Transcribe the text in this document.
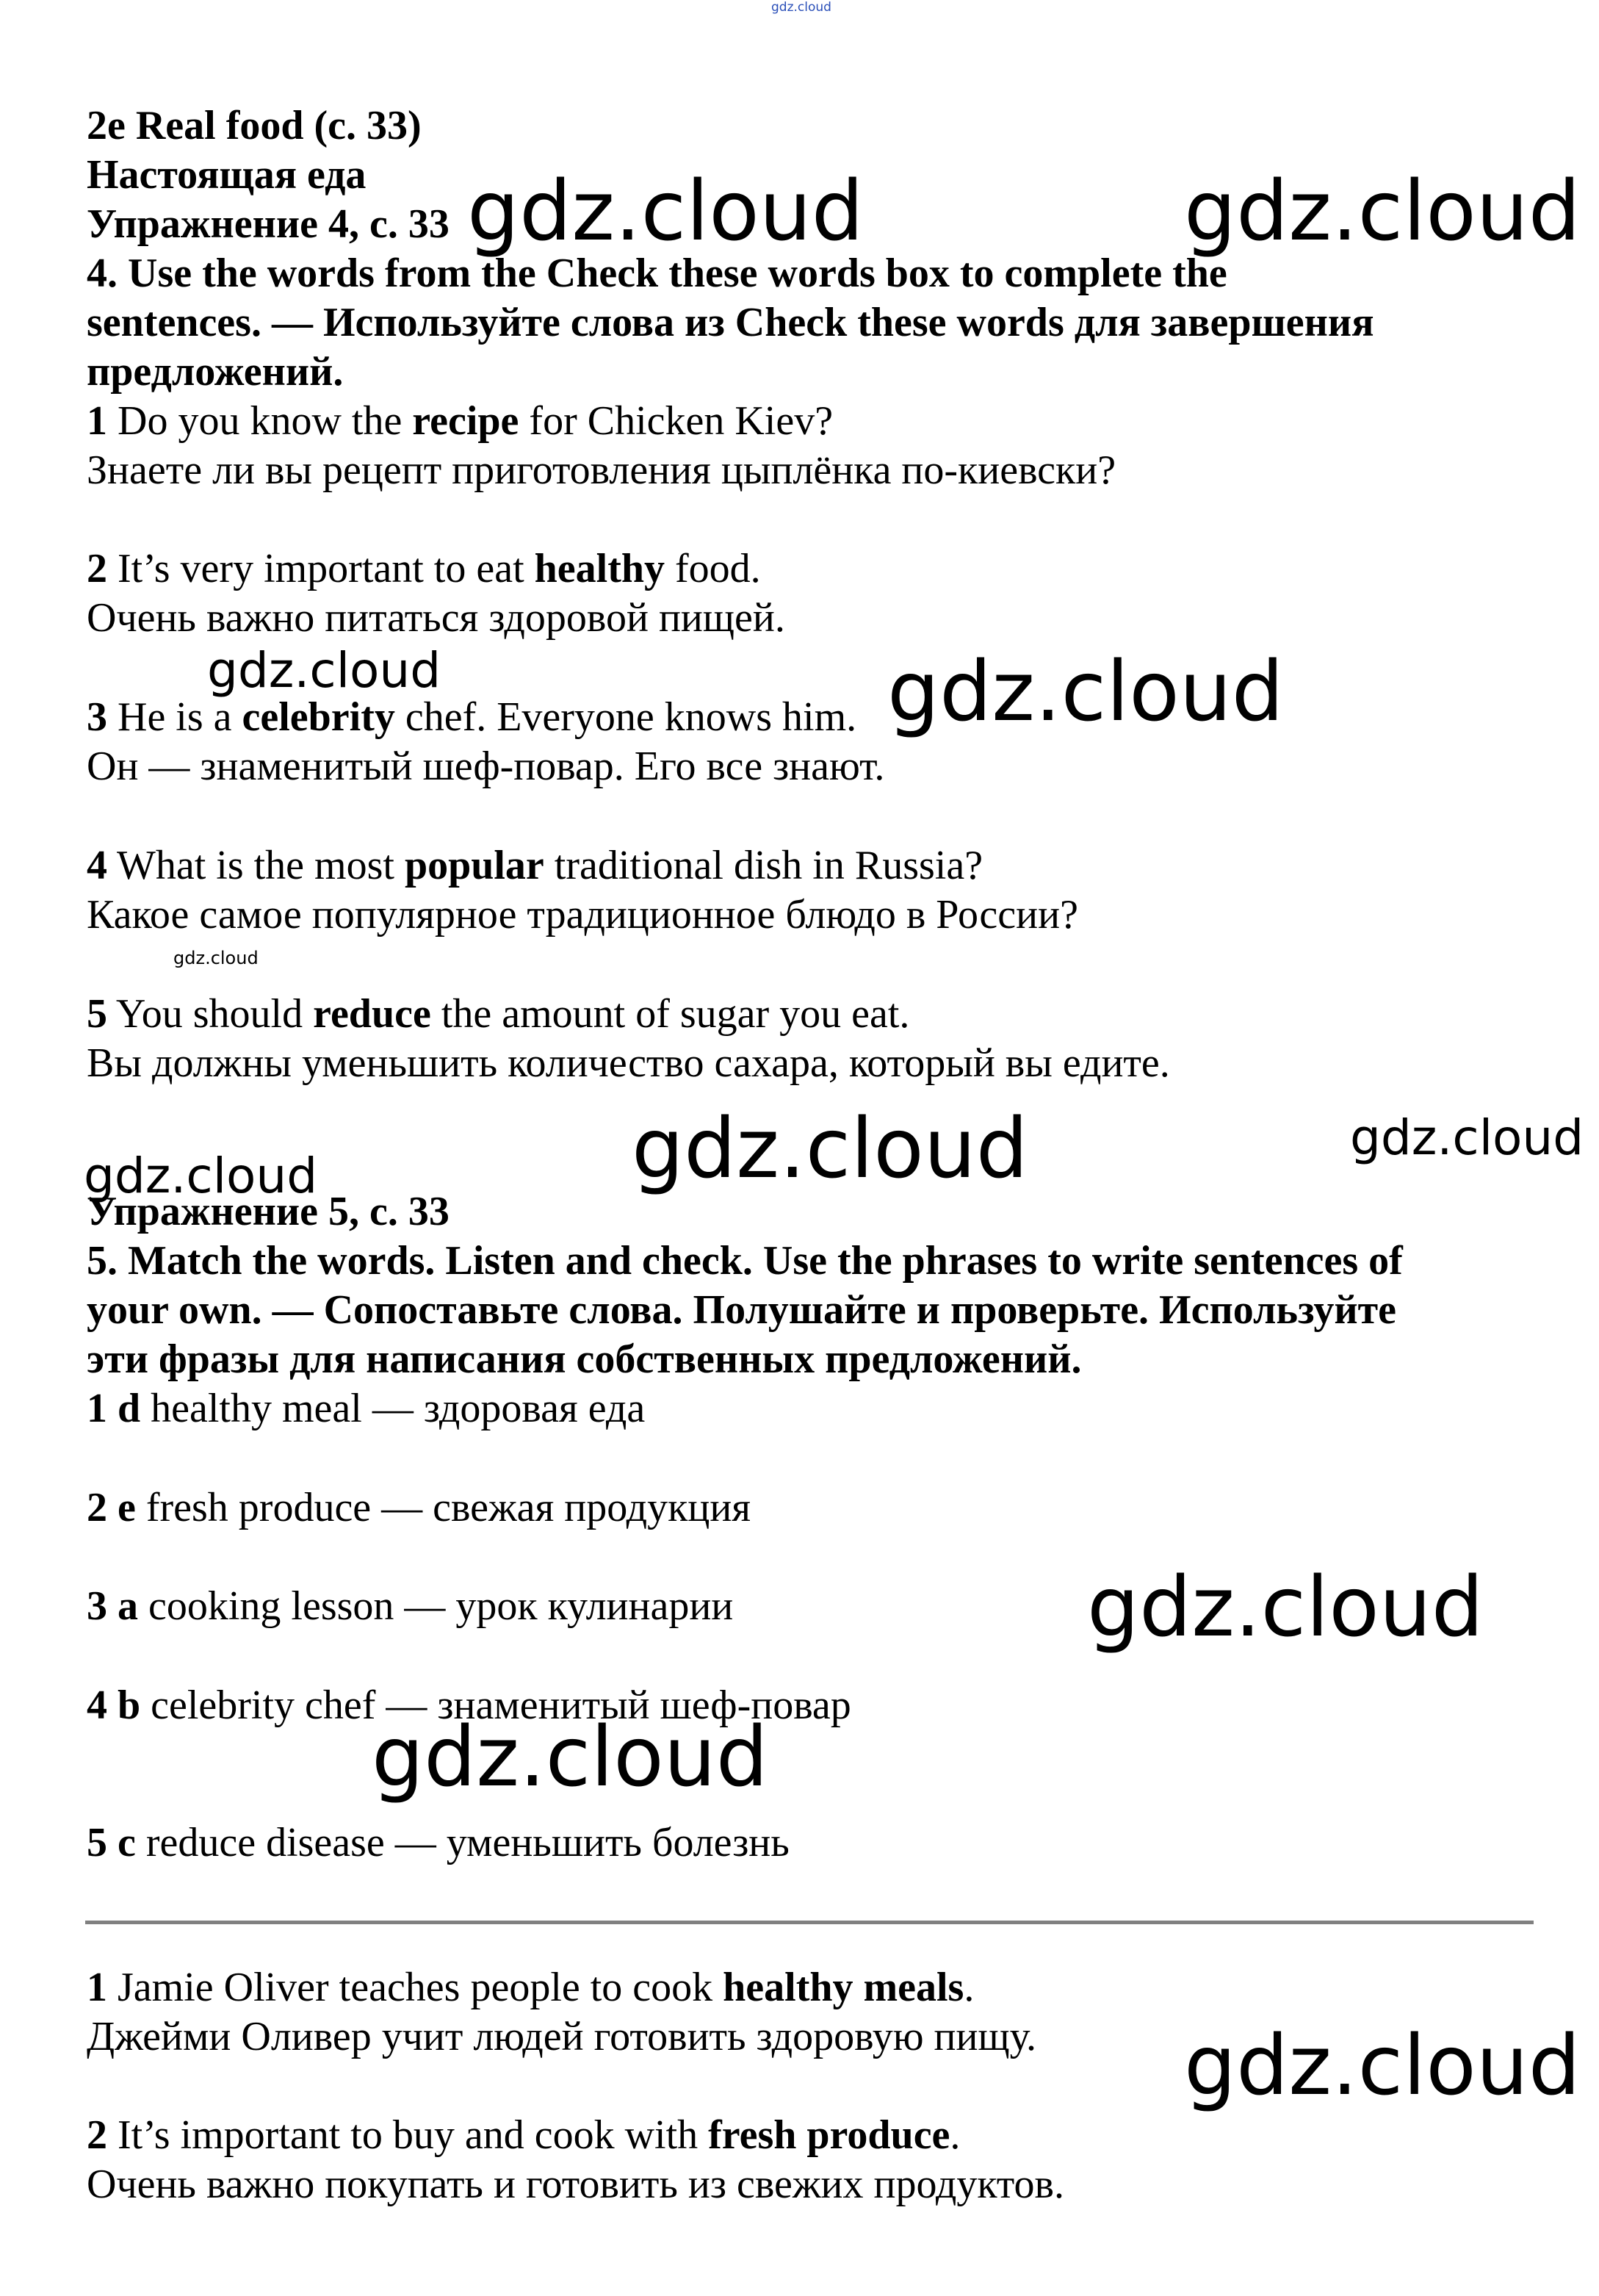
gdz.cloud
2e Real food (с. 33)
Настоящая еда
Упражнение 4, с. 33
4. Use the words from the Check these words box to complete the
sentences. — Используйте слова из Check these words для завершения
предложений.
1 Do you know the recipe for Chicken Kiev?
Знаете ли вы рецепт приготовления цыплёнка по-киевски?
2 It’s very important to eat healthy food.
Очень важно питаться здоровой пищей.
3 He is a celebrity chef. Everyone knows him.
Он — знаменитый шеф-повар. Его все знают.
4 What is the most popular traditional dish in Russia?
Какое самое популярное традиционное блюдо в России?
5 You should reduce the amount of sugar you eat.
Вы должны уменьшить количество сахара, который вы едите.
Упражнение 5, с. 33
5. Match the words. Listen and check. Use the phrases to write sentences of
your own. — Сопоставьте слова. Полушайте и проверьте. Используйте
эти фразы для написания собственных предложений.
1 d healthy meal — здоровая еда
2 e fresh produce — свежая продукция
3 a cooking lesson — урок кулинарии
4 b celebrity chef — знаменитый шеф-повар
5 c reduce disease — уменьшить болезнь
1 Jamie Oliver teaches people to cook healthy meals.
Джейми Оливер учит людей готовить здоровую пищу.
2 It’s important to buy and cook with fresh produce.
Очень важно покупать и готовить из свежих продуктов.
gdz.cloud	gdz.cloud
gdz.cloud	gdz.cloud
gdz.cloud
gdz.cloud	gdz.cloud
gdz.cloud
gdz.cloud
gdz.cloud
gdz.cloud
